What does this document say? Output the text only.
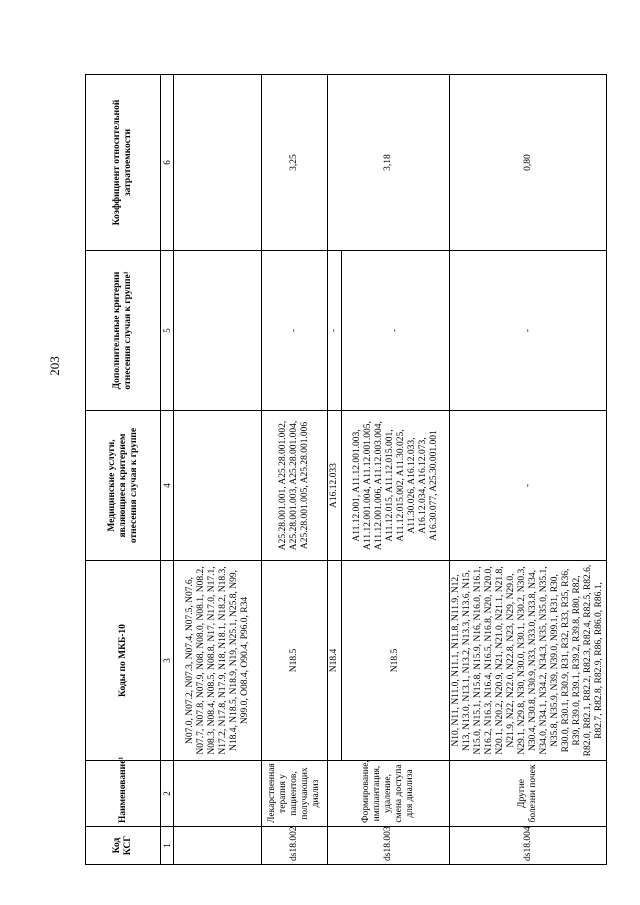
203
Код КСГ	Наименование¹	Коды по МКБ-10	Медицинские услуги, являющиеся критерием отнесения случая к группе	Дополнительные критерии отнесения случая к группе¹	Коэффициент относительной затратоемкости
1	2	3	4	5	6
		N07.0, N07.2, N07.3, N07.4, N07.5, N07.6, N07.7, N07.8, N07.9, N08, N08.0, N08.1, N08.2, N08.3, N08.4, N08.5, N08.8, N17, N17.0, N17.1, N17.2, N17.8, N17.9, N18, N18.1, N18.2, N18.3, N18.4, N18.5, N18.9, N19, N25.1, N25.8, N99, N99.0, O08.4, O90.4, P96.0, R34			
ds18.002	Лекарственная терапия у пациентов, получающих диализ	N18.5	A25.28.001.001, A25.28.001.002, A25.28.001.003, A25.28.001.004, A25.28.001.005, A25.28.001.006	-	3,25
ds18.003	Формирование, имплантация, удаление, смена доступа для диализа	N18.4	A16.12.033	-	3,18
		N18.5	A11.12.001, A11.12.001.003, A11.12.001.004, A11.12.001.005, A11.12.001.006, A11.12.003.004, A11.12.015, A11.12.015.001, A11.12.015.002, A11.30.025, A11.30.026, A16.12.033, A16.12.034, A16.12.073, A16.30.077, A25.30.001.001	-	
ds18.004	Другие болезни почек	N10, N11, N11.0, N11.1, N11.8, N11.9, N12, N13, N13.0, N13.1, N13.2, N13.3, N13.6, N15, N15.0, N15.1, N15.8, N15.9, N16, N16.0, N16.1, N16.2, N16.3, N16.4, N16.5, N16.8, N20, N20.0, N20.1, N20.2, N20.9, N21, N21.0, N21.1, N21.8, N21.9, N22, N22.0, N22.8, N23, N29, N29.0, N29.1, N29.8, N30, N30.0, N30.1, N30.2, N30.3, N30.4, N30.8, N30.9, N33, N33.0, N33.8, N34, N34.0, N34.1, N34.2, N34.3, N35, N35.0, N35.1, N35.8, N35.9, N39, N39.0, N99.1, R31, R30, R30.0, R30.1, R30.9, R31, R32, R33, R35, R36, R39, R39.0, R39.1, R39.2, R39.8, R80, R82, R82.0, R82.1, R82.2, R82.3, R82.4, R82.5, R82.6, R82.7, R82.8, R82.9, R86, R86.0, R86.1,	-	-	0,80
